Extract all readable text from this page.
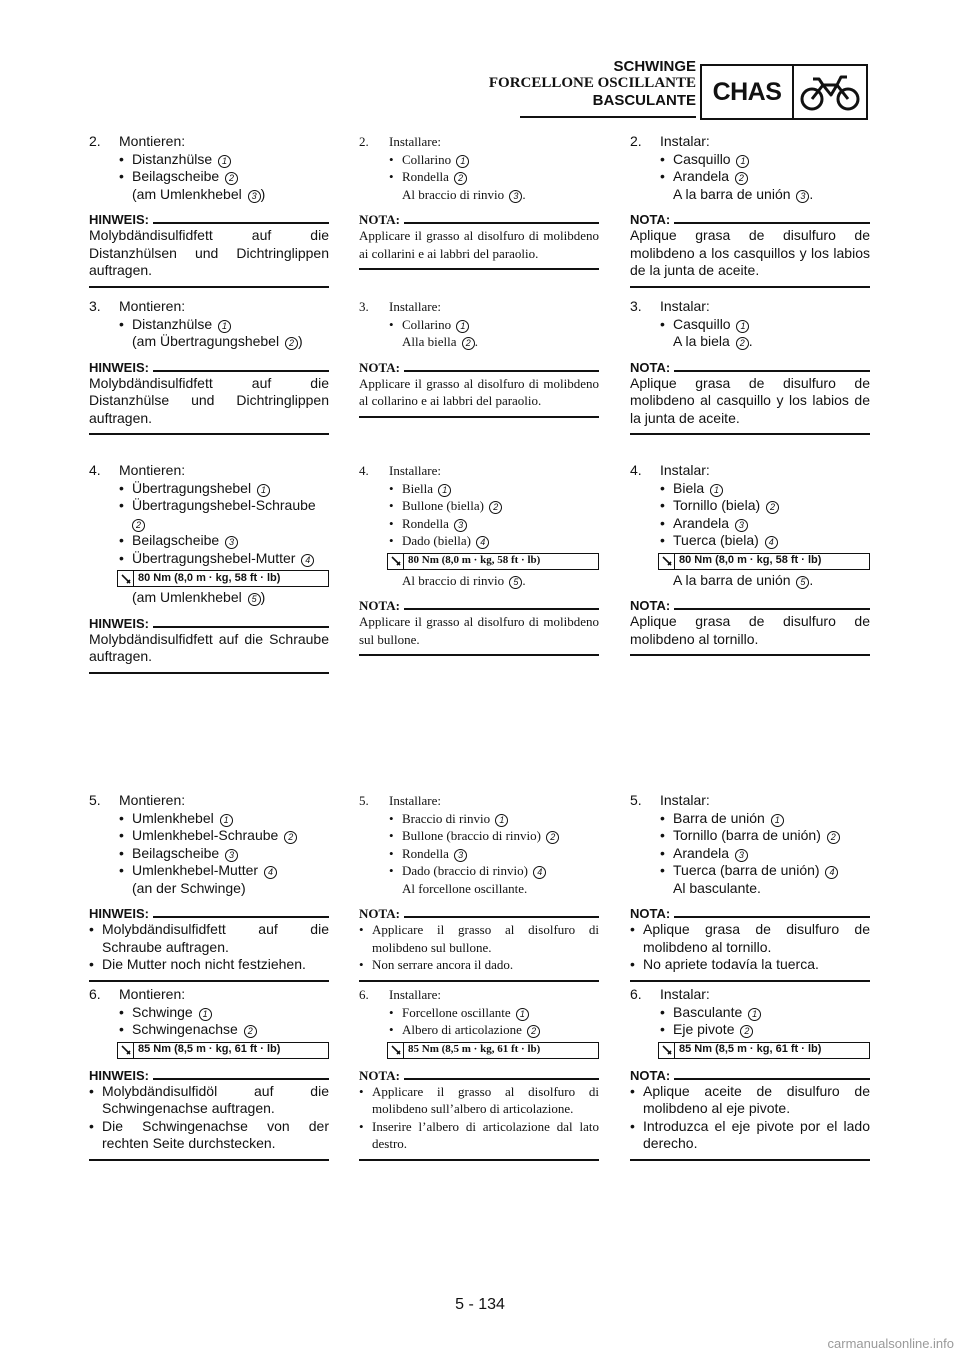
SCHWINGE
FORCELLONE OSCILLANTE
BASCULANTE CHAS
2.	Montieren:
• Distanzhülse 1
• Beilagscheibe 2
(am Umlenkhebel 3 )
HINWEIS:
Molybdändisulfidfett auf die Distanzhülsen und Dichtringlippen auftragen.
3.	Montieren:
• Distanzhülse 1
(am Übertragungshebel 2 )
HINWEIS:
Molybdändisulfidfett auf die Distanzhülse und Dichtringlippen auftragen.
4.	Montieren:
• Übertragungshebel 1
• Übertragungshebel-Schraube
2
• Beilagscheibe 3
• Übertragungshebel-Mutter 4
80 Nm (8,0 m · kg, 58 ft · lb)
(am Umlenkhebel 5 )
HINWEIS:
Molybdändisulfidfett auf die Schraube auftragen.
5.	Montieren:
• Umlenkhebel 1
• Umlenkhebel-Schraube 2
• Beilagscheibe 3
• Umlenkhebel-Mutter 4
(an der Schwinge)
HINWEIS:
• Molybdändisulfidfett auf die Schraube auftragen.
• Die Mutter noch nicht festziehen.
6.	Montieren:
• Schwinge 1
• Schwingenachse 2
85 Nm (8,5 m · kg, 61 ft · lb)
HINWEIS:
• Molybdändisulfidöl auf die Schwingenachse auftragen.
• Die Schwingenachse von der rechten Seite durchstecken.
2.	Installare:
• Collarino 1
• Rondella 2
Al braccio di rinvio 3 .
NOTA:
Applicare il grasso al disolfuro di molibdeno ai collarini e ai labbri del paraolio.
3.	Installare:
• Collarino 1
Alla biella 2 .
NOTA:
Applicare il grasso al disolfuro di molibdeno al collarino e ai labbri del paraolio.
4.	Installare:
• Biella 1
• Bullone (biella) 2
• Rondella 3
• Dado (biella) 4
80 Nm (8,0 m · kg, 58 ft · lb)
Al braccio di rinvio 5 .
NOTA:
Applicare il grasso al disolfuro di molibdeno sul bullone.
5.	Installare:
• Braccio di rinvio 1
• Bullone (braccio di rinvio) 2
• Rondella 3
• Dado (braccio di rinvio) 4
Al forcellone oscillante.
NOTA:
• Applicare il grasso al disolfuro di molibdeno sul bullone.
• Non serrare ancora il dado.
6.	Installare:
• Forcellone oscillante 1
• Albero di articolazione 2
85 Nm (8,5 m · kg, 61 ft · lb)
NOTA:
• Applicare il grasso al disolfuro di molibdeno sull’albero di articolazione.
• Inserire l’albero di articolazione dal lato destro.
2.	Instalar:
• Casquillo 1
• Arandela 2
A la barra de unión 3 .
NOTA:
Aplique grasa de disulfuro de molibdeno a los casquillos y los labios de la junta de aceite.
3.	Instalar:
• Casquillo 1
A la biela 2 .
NOTA:
Aplique grasa de disulfuro de molibdeno al casquillo y los labios de la junta de aceite.
4.	Instalar:
• Biela 1
• Tornillo (biela) 2
• Arandela 3
• Tuerca (biela) 4
80 Nm (8,0 m · kg, 58 ft · lb)
A la barra de unión 5 .
NOTA:
Aplique grasa de disulfuro de molibdeno al tornillo.
5.	Instalar:
• Barra de unión 1
• Tornillo (barra de unión) 2
• Arandela 3
• Tuerca (barra de unión) 4
Al basculante.
NOTA:
• Aplique grasa de disulfuro de molibdeno al tornillo.
• No apriete todavía la tuerca.
6.	Instalar:
• Basculante 1
• Eje pivote 2
85 Nm (8,5 m · kg, 61 ft · lb)
NOTA:
• Aplique aceite de disulfuro de molibdeno al eje pivote.
• Introduzca el eje pivote por el lado derecho.
5 - 134
carmanualsonline.info
